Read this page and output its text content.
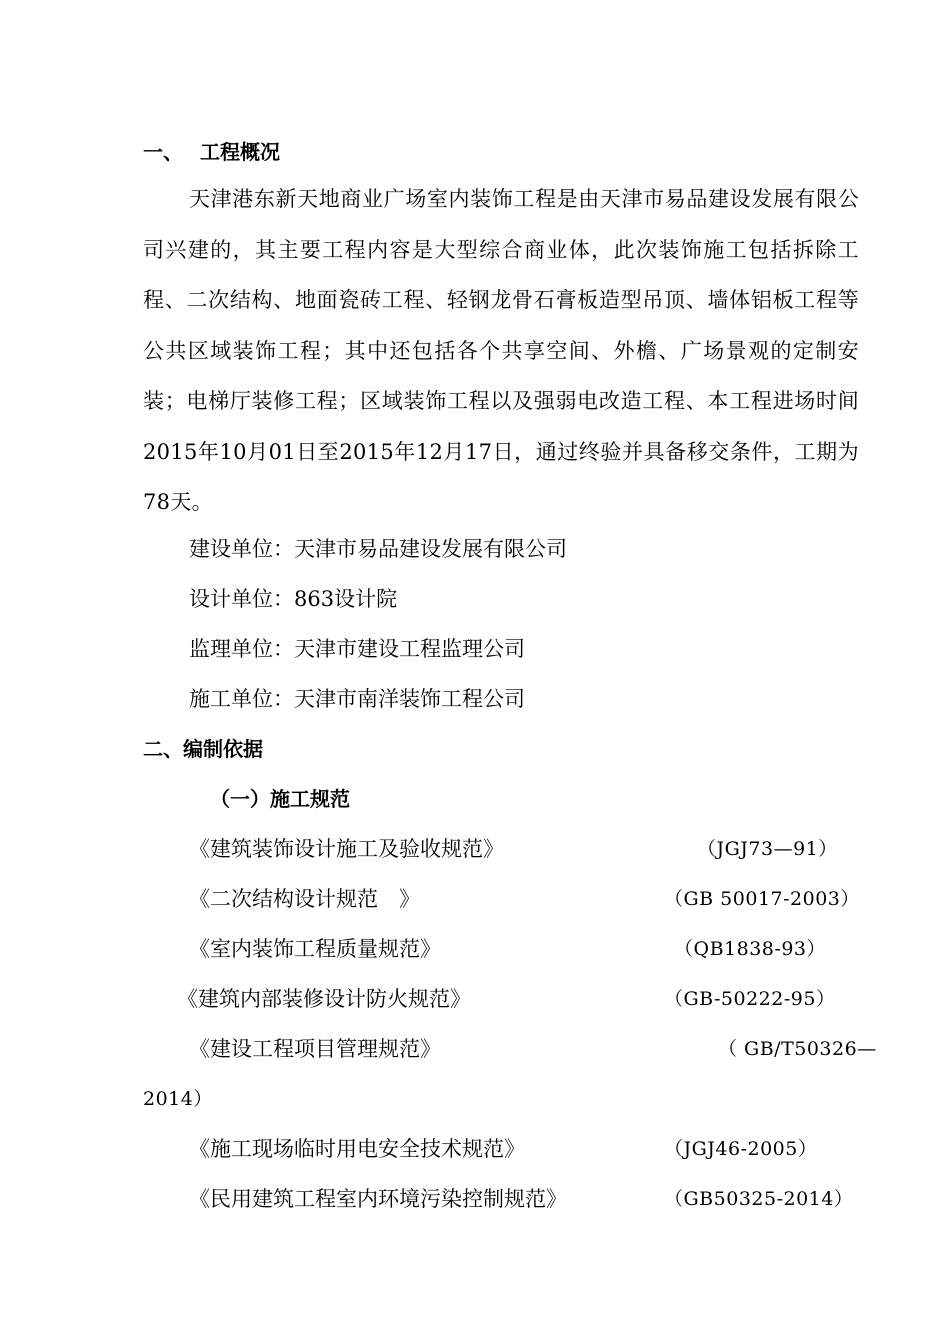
一、 工程概况

天津港东新天地商业广场室内装饰工程是由天津市易品建设发展有限公司兴建的，其主要工程内容是大型综合商业体，此次装饰施工包括拆除工程、二次结构、地面瓷砖工程、轻钢龙骨石膏板造型吊顶、墙体铝板工程等公共区域装饰工程；其中还包括各个共享空间、外檐、广场景观的定制安装；电梯厅装修工程；区域装饰工程以及强弱电改造工程、本工程进场时间2015年10月01日至2015年12月17日，通过终验并具备移交条件，工期为 78天。

建设单位：天津市易品建设发展有限公司
设计单位：863设计院
监理单位：天津市建设工程监理公司
施工单位：天津市南洋装饰工程公司
二、编制依据
（一）施工规范
《建筑装饰设计施工及验收规范》	（JGJ73—91）
《二次结构设计规范　》	（GB 50017-2003）
《室内装饰工程质量规范》	（QB1838-93）
《建筑内部装修设计防火规范》	（GB-50222-95）
《建设工程项目管理规范》	（ GB/T50326—
2014）
《施工现场临时用电安全技术规范》	（JGJ46-2005）
《民用建筑工程室内环境污染控制规范》	（GB50325-2014）
